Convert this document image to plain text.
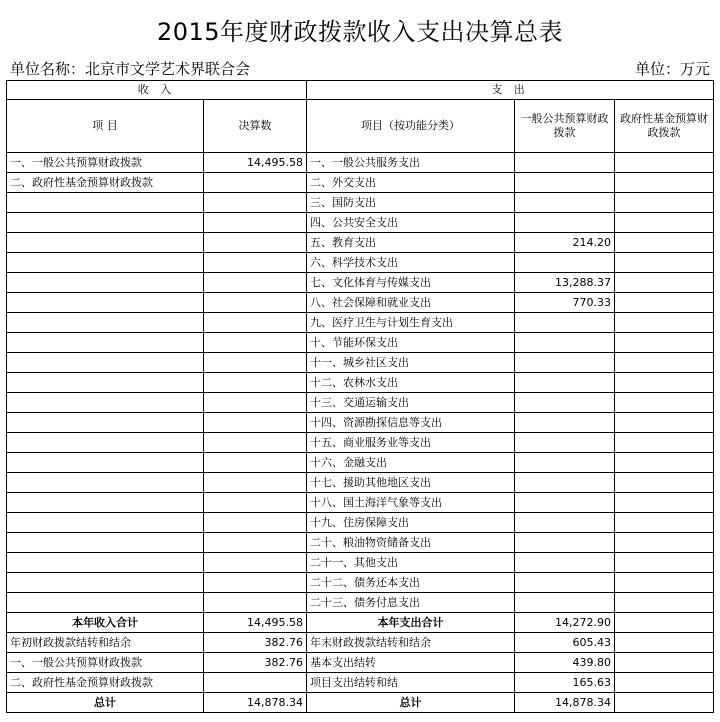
2015年度财政拨款收入支出决算总表
单位名称：北京市文学艺术界联合会	单位：万元
收 入		支 出		
项 目	决算数	项目（按功能分类）	一般公共预算财政拨款	政府性基金预算财政拨款
一、一般公共预算财政拨款	14,495.58	一、一般公共服务支出		
二、政府性基金预算财政拨款		二、外交支出		
		三、国防支出		
		四、公共安全支出		
		五、教育支出	214.20	
		六、科学技术支出		
		七、文化体育与传媒支出	13,288.37	
		八、社会保障和就业支出	770.33	
		九、医疗卫生与计划生育支出		
		十、节能环保支出		
		十一、城乡社区支出		
		十二、农林水支出		
		十三、交通运输支出		
		十四、资源勘探信息等支出		
		十五、商业服务业等支出		
		十六、金融支出		
		十七、援助其他地区支出		
		十八、国土海洋气象等支出		
		十九、住房保障支出		
		二十、粮油物资储备支出		
		二十一、其他支出		
		二十二、债务还本支出		
		二十三、债务付息支出		
本年收入合计	14,495.58	本年支出合计	14,272.90	
年初财政拨款结转和结余	382.76	年末财政拨款结转和结余	605.43	
一、一般公共预算财政拨款	382.76	基本支出结转	439.80	
二、政府性基金预算财政拨款		项目支出结转和结	165.63	
总计	14,878.34	总计	14,878.34	
